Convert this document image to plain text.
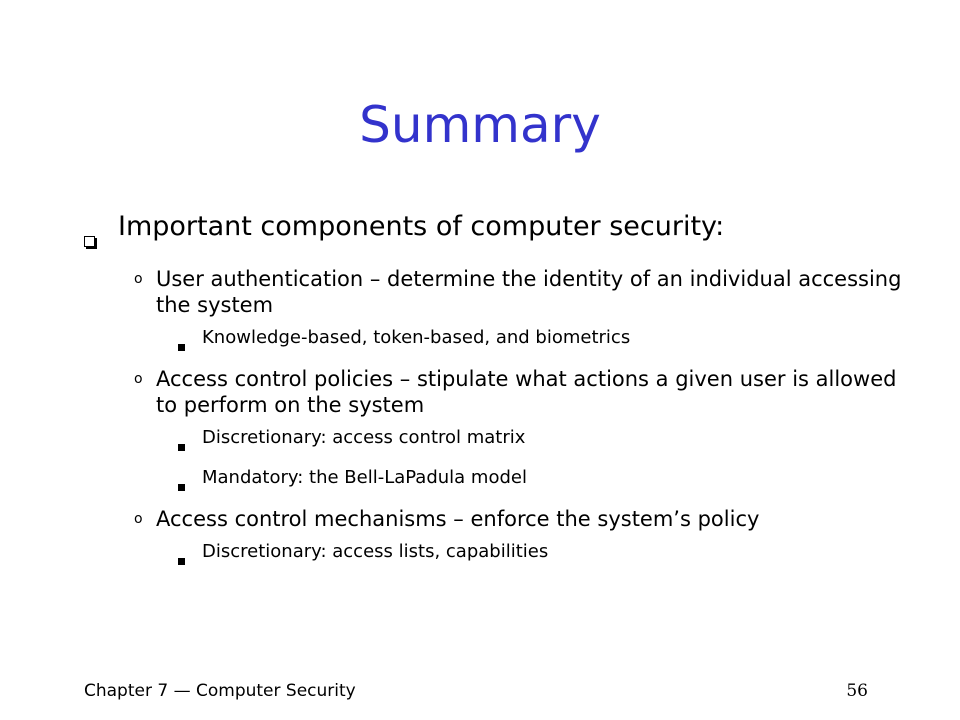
Summary
Important components of computer security:
o User authentication – determine the identity of an individual accessing the system
Knowledge-based, token-based, and biometrics
o Access control policies – stipulate what actions a given user is allowed to perform on the system
Discretionary: access control matrix
Mandatory: the Bell-LaPadula model
o Access control mechanisms – enforce the system’s policy
Discretionary: access lists, capabilities
Chapter 7 — Computer Security	56
